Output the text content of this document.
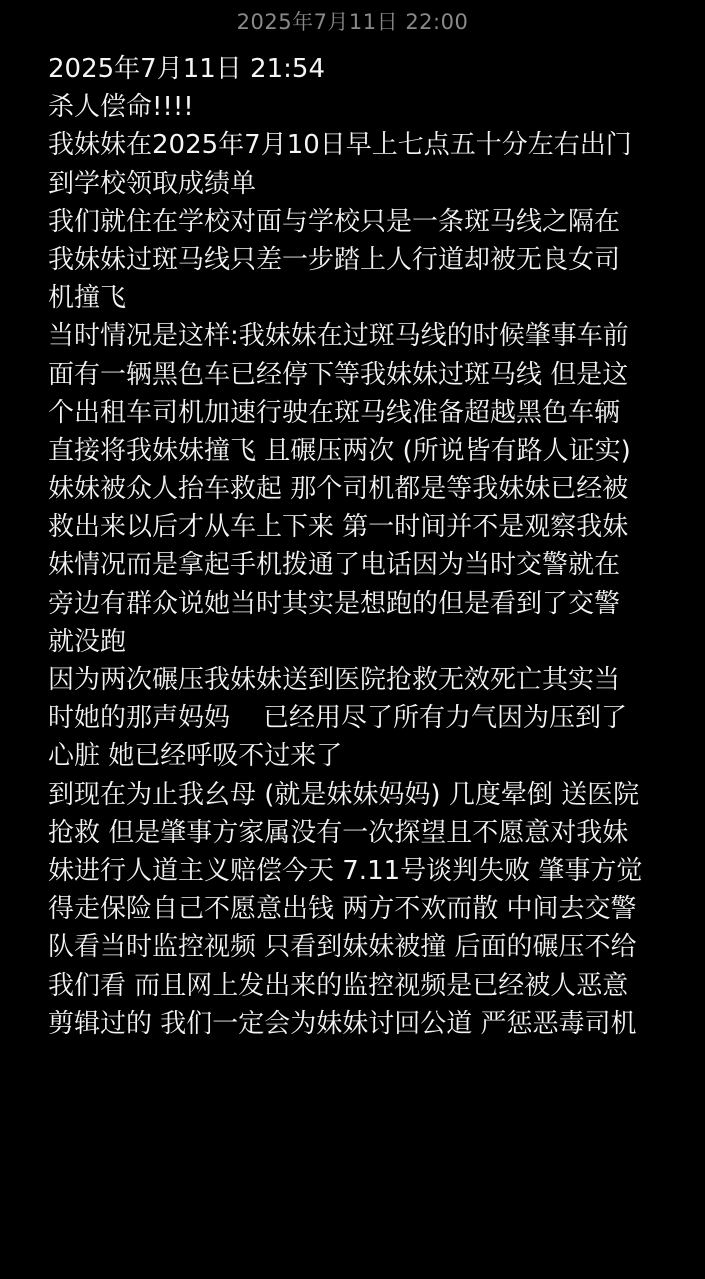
2025年7月11日 22:00
2025年7月11日 21:54
杀人偿命!!!!
我妹妹在2025年7月10日早上七点五十分左右出门
到学校领取成绩单
我们就住在学校对面与学校只是一条斑马线之隔在
我妹妹过斑马线只差一步踏上人行道却被无良女司
机撞飞
当时情况是这样:我妹妹在过斑马线的时候肇事车前
面有一辆黑色车已经停下等我妹妹过斑马线 但是这
个出租车司机加速行驶在斑马线准备超越黑色车辆
直接将我妹妹撞飞 且碾压两次 (所说皆有路人证实)
妹妹被众人抬车救起 那个司机都是等我妹妹已经被
救出来以后才从车上下来 第一时间并不是观察我妹
妹情况而是拿起手机拨通了电话因为当时交警就在
旁边有群众说她当时其实是想跑的但是看到了交警
就没跑
因为两次碾压我妹妹送到医院抢救无效死亡其实当
时她的那声妈妈    已经用尽了所有力气因为压到了
心脏 她已经呼吸不过来了
到现在为止我幺母 (就是妹妹妈妈) 几度晕倒 送医院
抢救 但是肇事方家属没有一次探望且不愿意对我妹
妹进行人道主义赔偿今天 7.11号谈判失败 肇事方觉
得走保险自己不愿意出钱 两方不欢而散 中间去交警
队看当时监控视频 只看到妹妹被撞 后面的碾压不给
我们看 而且网上发出来的监控视频是已经被人恶意
剪辑过的 我们一定会为妹妹讨回公道 严惩恶毒司机
